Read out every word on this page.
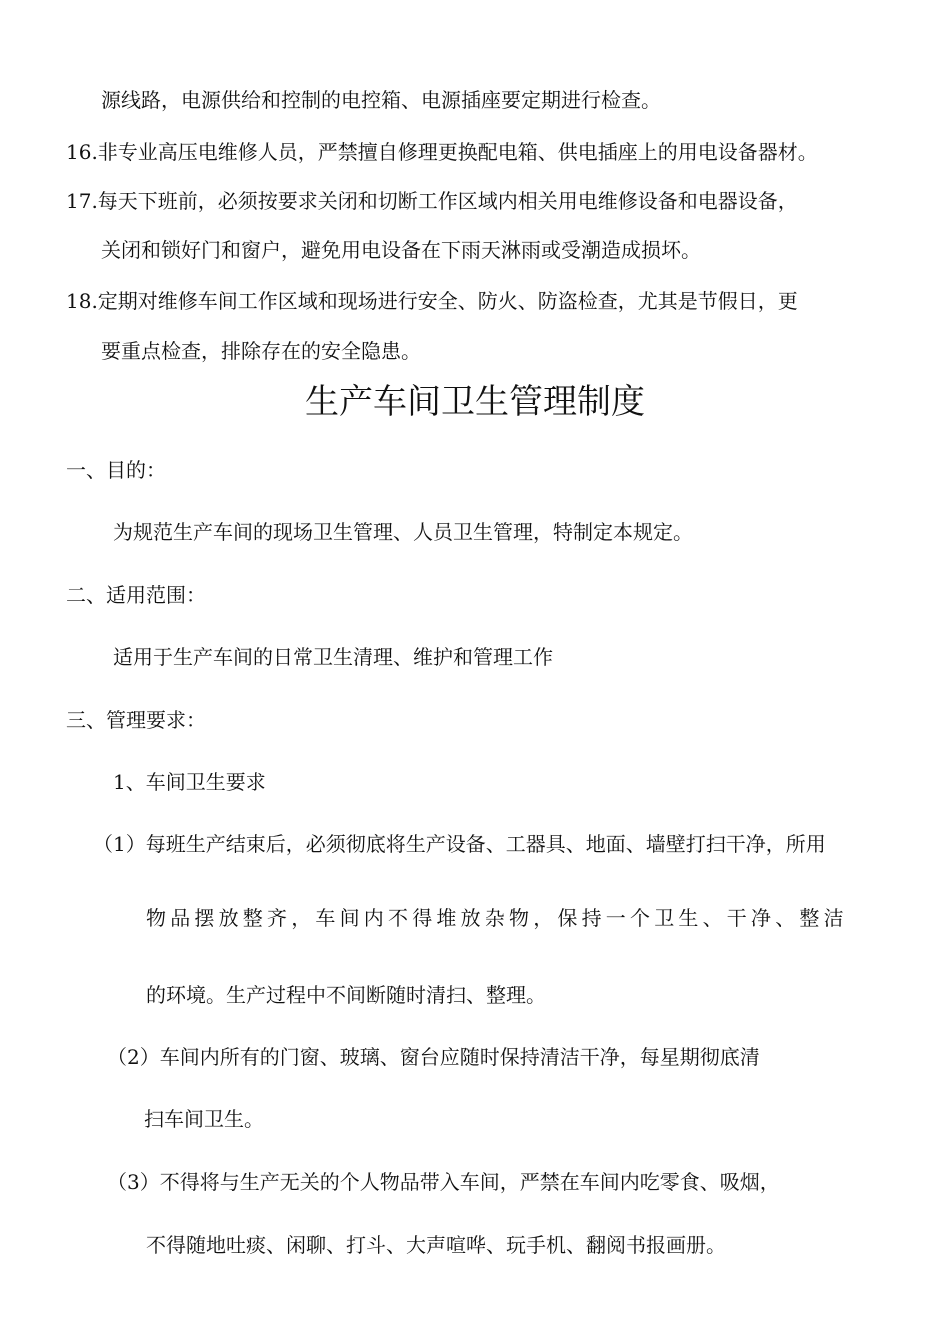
源线路，电源供给和控制的电控箱、电源插座要定期进行检查。
16.非专业高压电维修人员，严禁擅自修理更换配电箱、供电插座上的用电设备器材。
17.每天下班前，必须按要求关闭和切断工作区域内相关用电维修设备和电器设备，
关闭和锁好门和窗户，避免用电设备在下雨天淋雨或受潮造成损坏。
18.定期对维修车间工作区域和现场进行安全、防火、防盗检查，尤其是节假日，更
要重点检查，排除存在的安全隐患。
生产车间卫生管理制度
一、目的：
为规范生产车间的现场卫生管理、人员卫生管理，特制定本规定。
二、适用范围：
适用于生产车间的日常卫生清理、维护和管理工作
三、管理要求：
1、车间卫生要求
（1）每班生产结束后，必须彻底将生产设备、工器具、地面、墙壁打扫干净，所用
物品摆放整齐，车间内不得堆放杂物，保持一个卫生、干净、整洁
的环境。生产过程中不间断随时清扫、整理。
（2）车间内所有的门窗、玻璃、窗台应随时保持清洁干净，每星期彻底清
扫车间卫生。
（3）不得将与生产无关的个人物品带入车间，严禁在车间内吃零食、吸烟，
不得随地吐痰、闲聊、打斗、大声喧哗、玩手机、翻阅书报画册。
